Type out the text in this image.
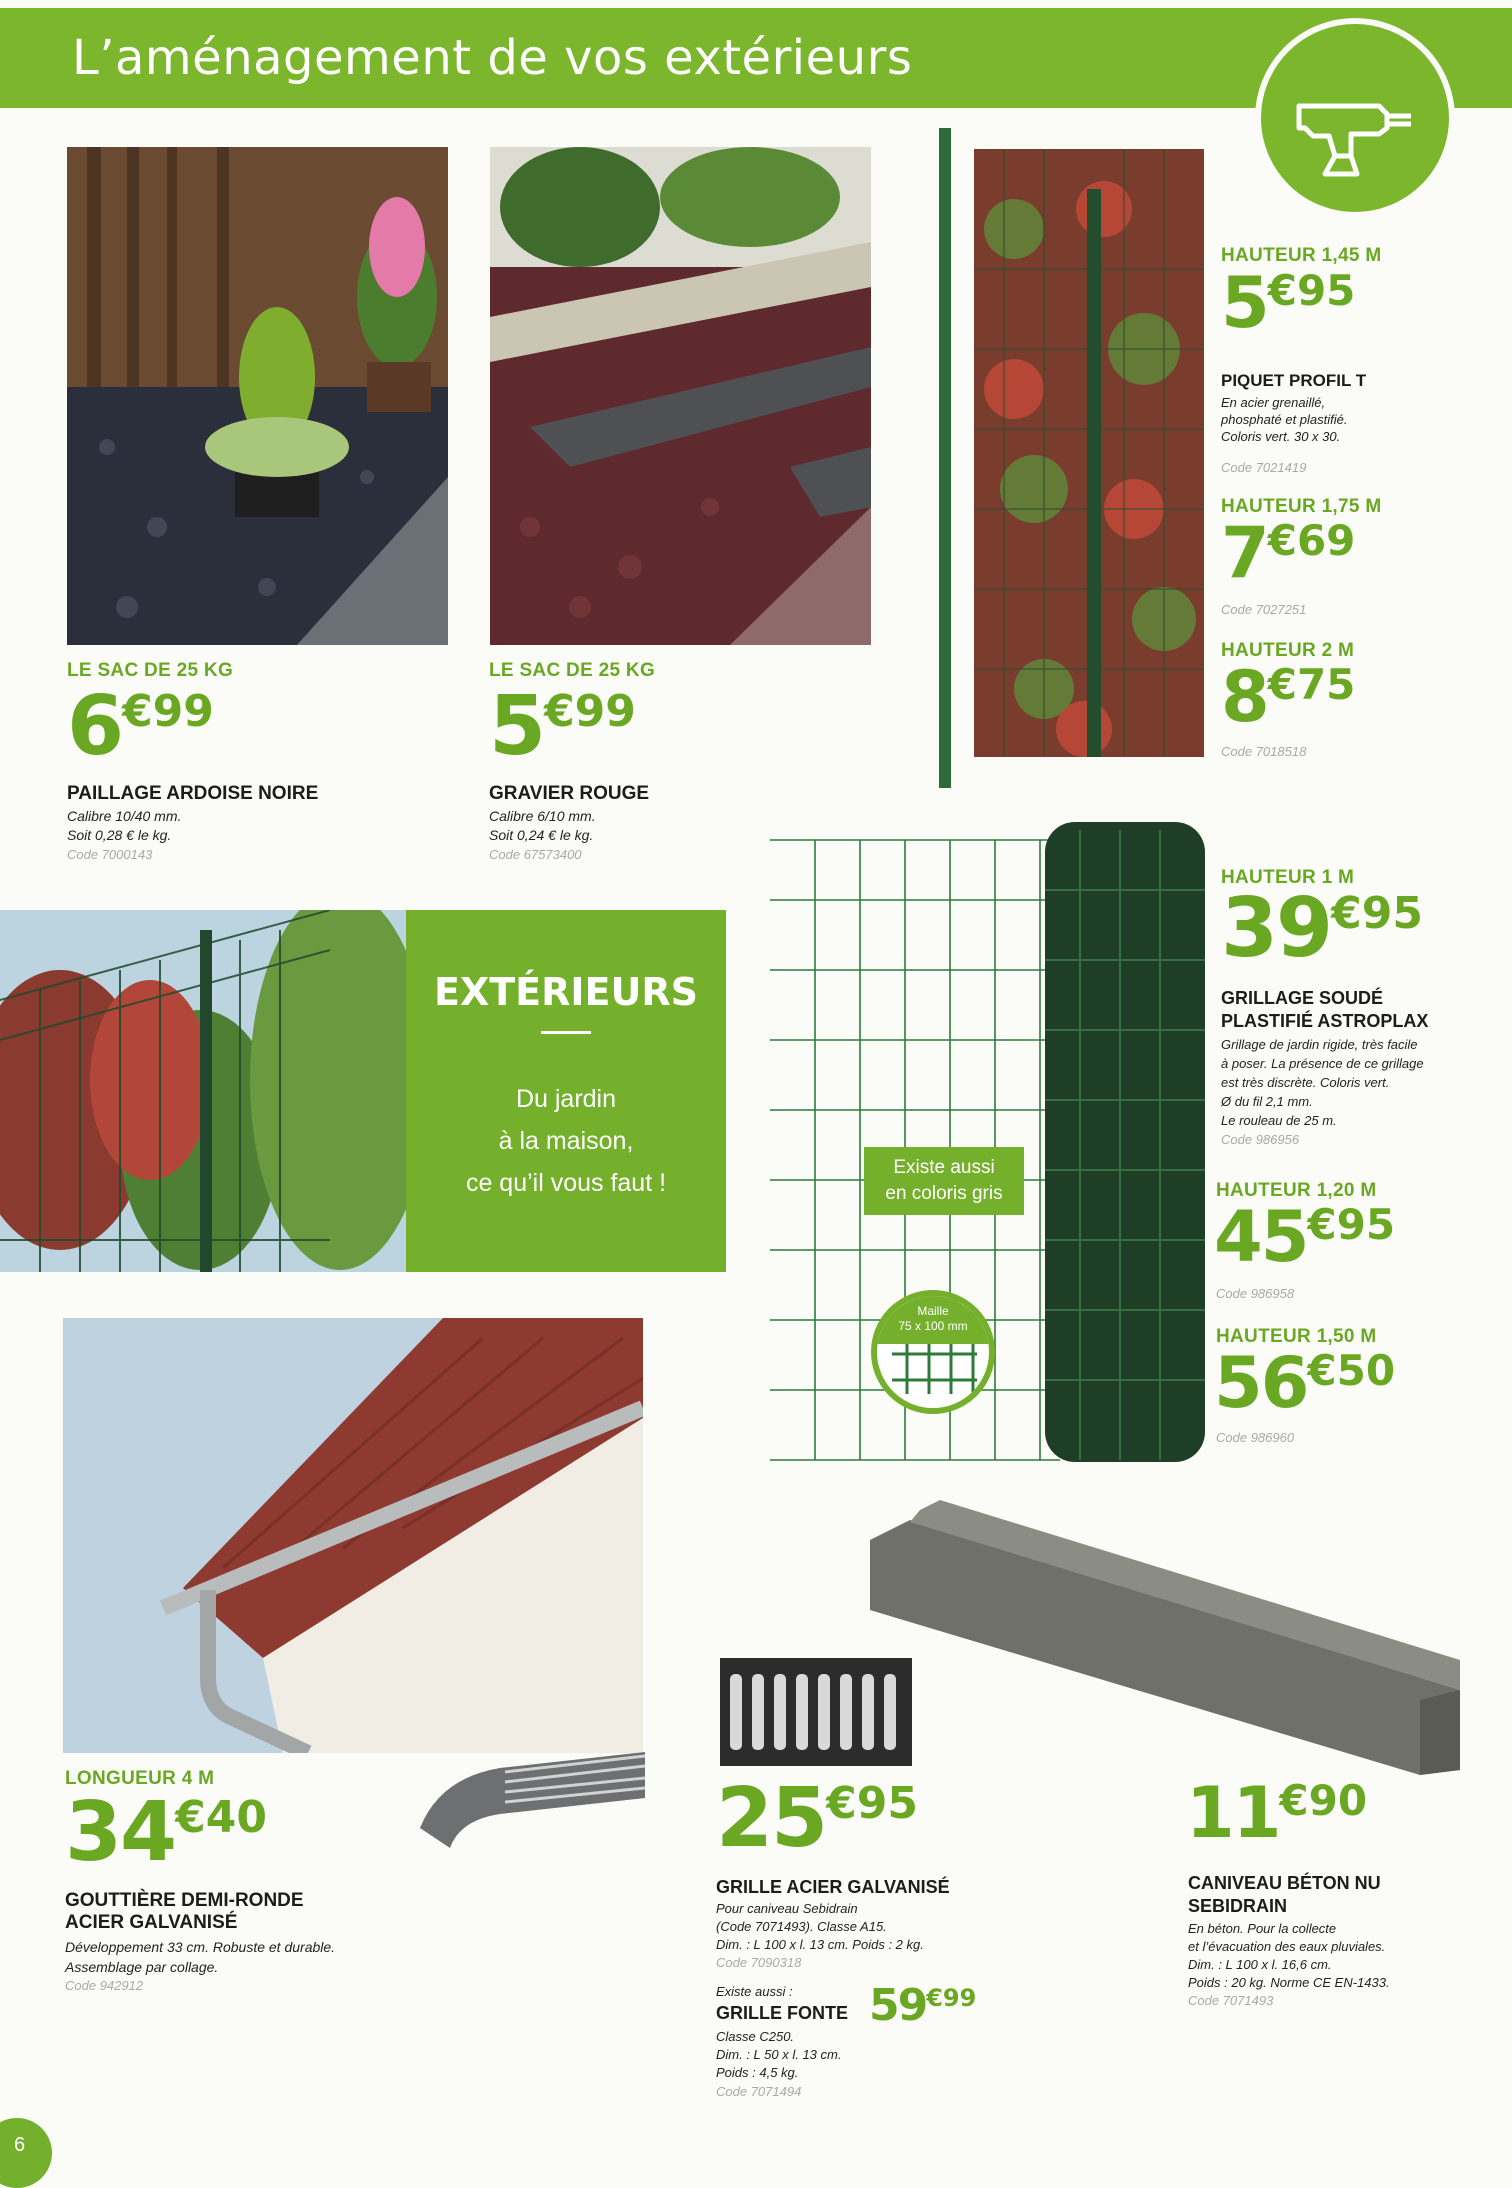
L’aménagement de vos extérieurs
LE SAC DE 25 KG
6€99
PAILLAGE ARDOISE NOIRE
Calibre 10/40 mm.
Soit 0,28 € le kg.
Code 7000143
LE SAC DE 25 KG
5€99
GRAVIER ROUGE
Calibre 6/10 mm.
Soit 0,24 € le kg.
Code 67573400
HAUTEUR 1,45 M
5€95
PIQUET PROFIL T
En acier grenaillé,
phosphaté et plastifié.
Coloris vert. 30 x 30.
Code 7021419
HAUTEUR 1,75 M
7€69
Code 7027251
HAUTEUR 2 M
8€75
Code 7018518
EXTÉRIEURS
Du jardin
à la maison,
ce qu’il vous faut !
Existe aussi
en coloris gris
Maille
75 x 100 mm
HAUTEUR 1 M
39€95
GRILLAGE SOUDÉ
PLASTIFIÉ ASTROPLAX
Grillage de jardin rigide, très facile
à poser. La présence de ce grillage
est très discrète. Coloris vert.
Ø du fil 2,1 mm.
Le rouleau de 25 m.
Code 986956
HAUTEUR 1,20 M
45€95
Code 986958
HAUTEUR 1,50 M
56€50
Code 986960
LONGUEUR 4 M
34€40
GOUTTIÈRE DEMI-RONDE
ACIER GALVANISÉ
Développement 33 cm. Robuste et durable.
Assemblage par collage.
Code 942912
25€95
GRILLE ACIER GALVANISÉ
Pour caniveau Sebidrain
(Code 7071493). Classe A15.
Dim. : L 100 x l. 13 cm. Poids : 2 kg.
Code 7090318
Existe aussi :
GRILLE FONTE 59€99
Classe C250.
Dim. : L 50 x l. 13 cm.
Poids : 4,5 kg.
Code 7071494
11€90
CANIVEAU BÉTON NU
SEBIDRAIN
En béton. Pour la collecte
et l’évacuation des eaux pluviales.
Dim. : L 100 x l. 16,6 cm.
Poids : 20 kg. Norme CE EN-1433.
Code 7071493
6
